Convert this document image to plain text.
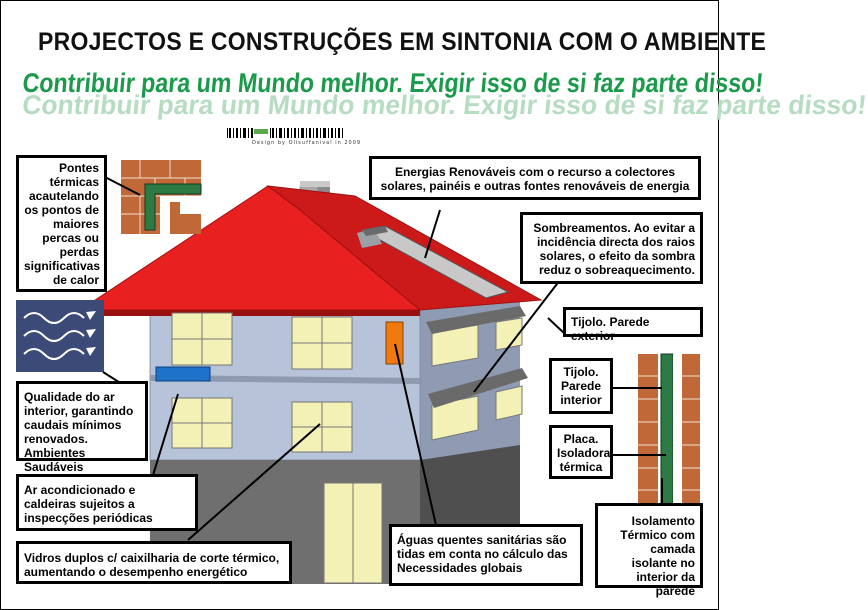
PROJECTOS E CONSTRUÇÕES EM SINTONIA COM O AMBIENTE
Contribuir para um Mundo melhor. Exigir isso de si faz parte disso!
Contribuir para um Mundo melhor. Exigir isso de si faz parte disso!
Design by Olisuffanival in 2009
Pontes térmicas acautelando os pontos de maiores percas ou perdas significativas de calor
Energias Renováveis com o recurso a colectores solares, painéis e outras fontes renováveis de energia
Sombreamentos. Ao evitar a incidência directa dos raios solares, o efeito da sombra reduz o sobreaquecimento.
Tijolo. Parede exterior
Qualidade do ar interior, garantindo caudais mínimos renovados. Ambientes Saudáveis
Tijolo. Parede interior
Placa. Isoladora térmica
Ar acondicionado e caldeiras sujeitos a inspecções periódicas
Águas quentes sanitárias são tidas em conta no cálculo das Necessidades globais
Vidros duplos c/ caixilharia de corte térmico, aumentando o desempenho energético
Isolamento Térmico com camada isolante no interior da parede
